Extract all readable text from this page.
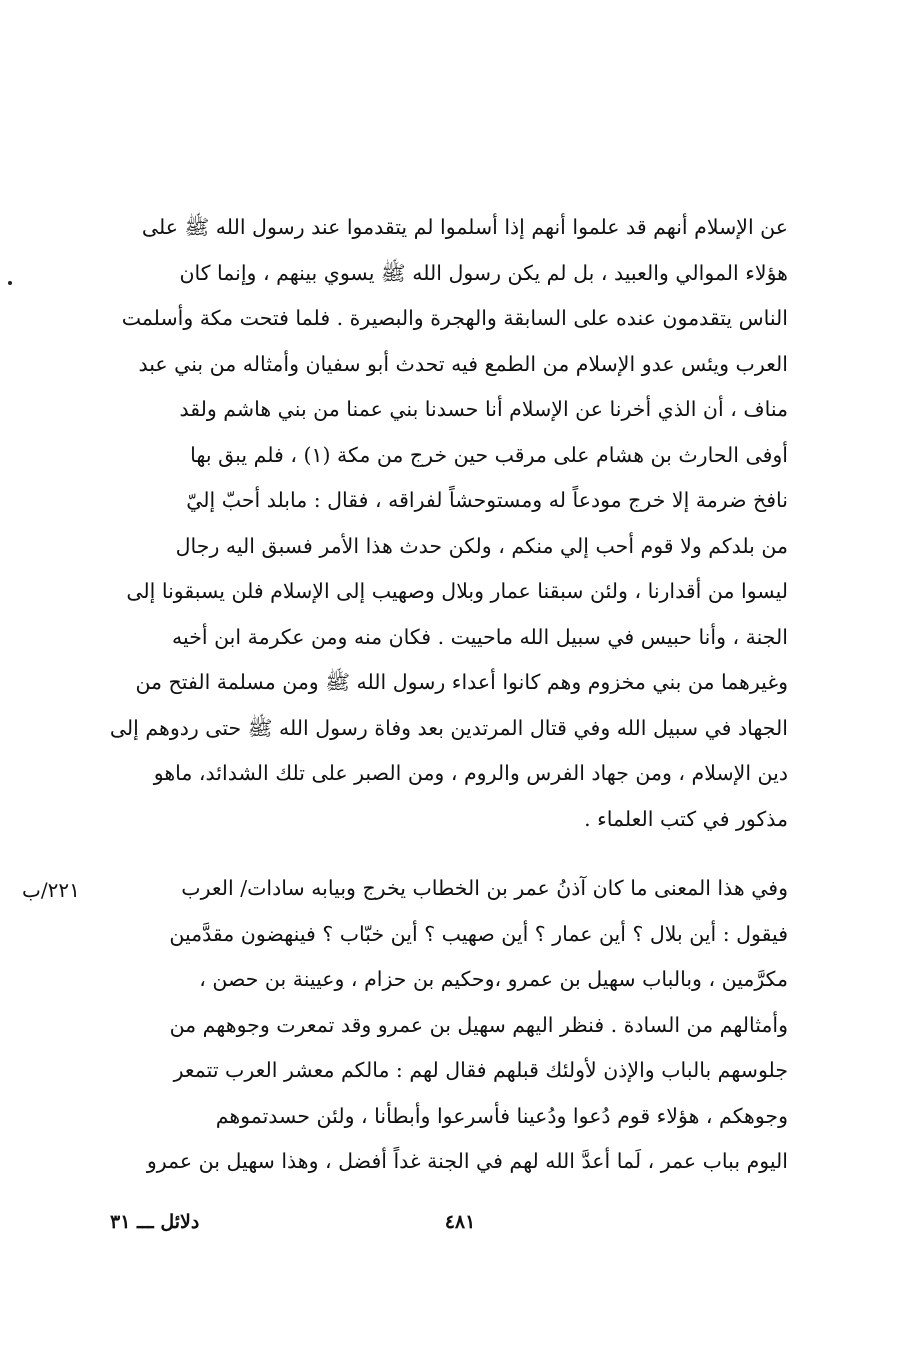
عن الإسلام أنهم قد علموا أنهم إذا أسلموا لم يتقدموا عند رسول الله ﷺ على
هؤلاء الموالي والعبيد ، بل لم يكن رسول الله ﷺ يسوي بينهم ، وإنما كان
الناس يتقدمون عنده على السابقة والهجرة والبصيرة . فلما فتحت مكة وأسلمت
العرب ويئس عدو الإسلام من الطمع فيه تحدث أبو سفيان وأمثاله من بني عبد
مناف ، أن الذي أخرنا عن الإسلام أنا حسدنا بني عمنا من بني هاشم ولقد
أوفى الحارث بن هشام على مرقب حين خرج من مكة (١) ، فلم يبق بها
نافخ ضرمة إلا خرج مودعاً له ومستوحشاً لفراقه ، فقال : مابلد أحبّ إليّ
من بلدكم ولا قوم أحب إلي منكم ، ولكن حدث هذا الأمر فسبق اليه رجال
ليسوا من أقدارنا ، ولئن سبقنا عمار وبلال وصهيب إلى الإسلام فلن يسبقونا إلى
الجنة ، وأنا حبيس في سبيل الله ماحييت . فكان منه ومن عكرمة ابن أخيه
وغيرهما من بني مخزوم وهم كانوا أعداء رسول الله ﷺ ومن مسلمة الفتح من
الجهاد في سبيل الله وفي قتال المرتدين بعد وفاة رسول الله ﷺ حتى ردوهم إلى
دين الإسلام ، ومن جهاد الفرس والروم ، ومن الصبر على تلك الشدائد، ماهو
مذكور في كتب العلماء .
٢٢١/ب	وفي هذا المعنى ما كان آذنُ عمر بن الخطاب يخرج وبيابه سادات/ العرب
فيقول : أين بلال ؟ أين عمار ؟ أين صهيب ؟ أين خبّاب ؟ فينهضون مقدَّمين
مكرَّمين ، وبالباب سهيل بن عمرو ،وحكيم بن حزام ، وعيينة بن حصن ،
وأمثالهم من السادة . فنظر اليهم سهيل بن عمرو وقد تمعرت وجوههم من
جلوسهم بالباب والإذن لأولئك قبلهم فقال لهم : مالكم معشر العرب تتمعر
وجوهكم ، هؤلاء قوم دُعوا ودُعينا فأسرعوا وأبطأنا ، ولئن حسدتموهم
اليوم بباب عمر ، لَما أعدَّ الله لهم في الجنة غداً أفضل ، وهذا سهيل بن عمرو
دلائل ـــ ٣١	٤٨١
